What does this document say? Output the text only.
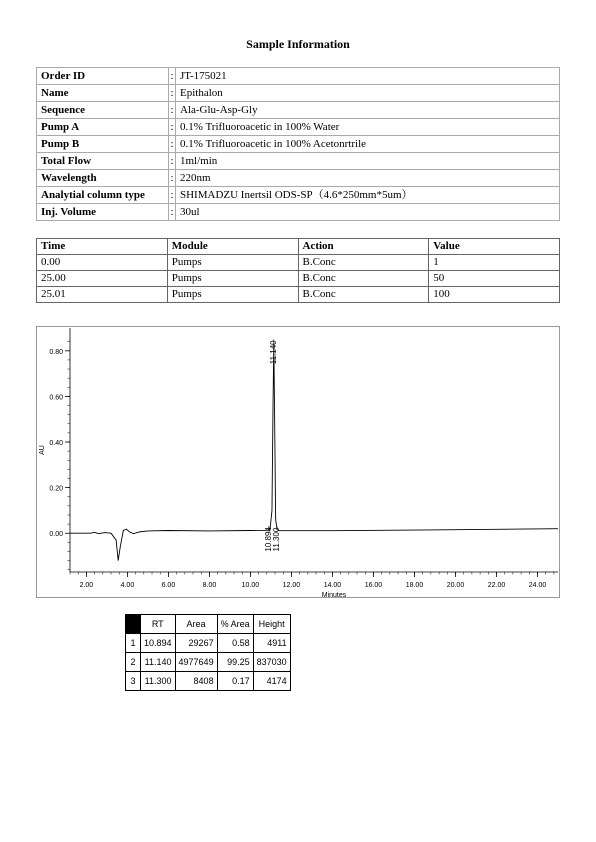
Sample Information
Order ID	:	JT-175021
Name	:	Epithalon
Sequence	:	Ala-Glu-Asp-Gly
Pump A	:	0.1% Trifluoroacetic in 100% Water
Pump B	:	0.1% Trifluoroacetic in 100% Acetonrtrile
Total Flow	:	1ml/min
Wavelength	:	220nm
Analytial column type	:	SHIMADZU Inertsil ODS-SP（4.6*250mm*5um）
Inj. Volume	:	30ul
Time	Module	Action	Value
0.00	Pumps	B.Conc	1
25.00	Pumps	B.Conc	50
25.01	Pumps	B.Conc	100
0.00
0.20
0.40
0.60
0.80
2.00	4.00	6.00	8.00	10.00	12.00	14.00	16.00	18.00	20.00	22.00	24.00
Minutes
AU
11.140
10.894 11.300
	RT	Area	% Area	Height
1	10.894	29267	0.58	4911
2	11.140	4977649	99.25	837030
3	11.300	8408	0.17	4174
